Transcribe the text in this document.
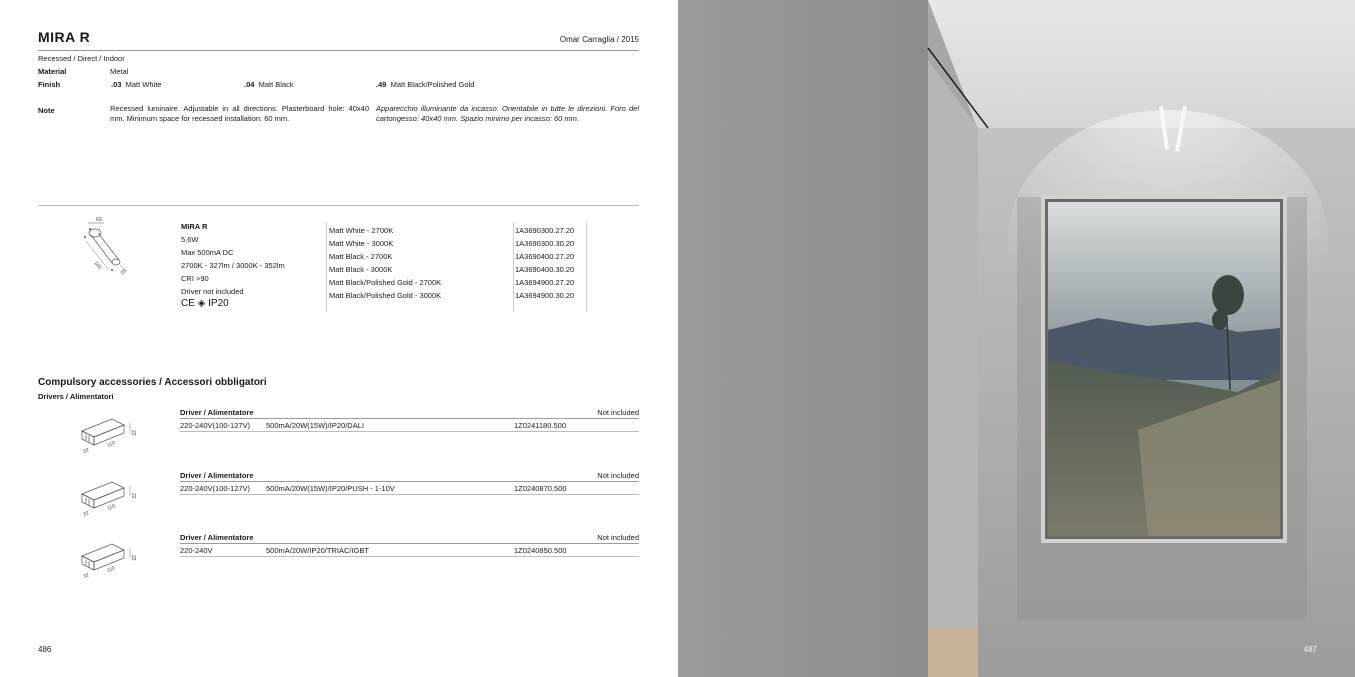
MIRA R	Omar Carraglia / 2015
Recessed / Direct / Indoor
Material	Metal
Finish	.03 Matt White	.04 Matt Black	.49 Matt Black/Polished Gold
Note	Recessed luminaire. Adjustable in all directions. Plasterboard hole: 40x40 mm. Minimum space for recessed installation: 60 mm.
Apparecchio illuminante da incasso. Orientabile in tutte le direzioni. Foro del cartongesso: 40x40 mm. Spazio minimo per incasso: 60 mm.
63
165
20
MIRA R
5,6W
Max 500mA DC
2700K - 327lm / 3000K - 352lm
CRI >90
Driver not included
CE ◈ IP20
Matt White - 2700K	1A3690300.27.20
Matt White - 3000K	1A3690300.30.20
Matt Black - 2700K	1A3690400.27.20
Matt Black - 3000K	1A3690400.30.20
Matt Black/Polished Gold - 2700K	1A3694900.27.20
Matt Black/Polished Gold - 3000K	1A3694900.30.20
Compulsory accessories / Accessori obbligatori
Drivers / Alimentatori
22
110
32
Driver / Alimentatore	Not included
220-240V(100-127V) 500mA/20W(15W)/IP20/DALI	1Z0241180.500
22
110
32
Driver / Alimentatore	Not included
220-240V(100-127V) 500mA/20W(15W)/IP20/PUSH - 1-10V	1Z0240870.500
22
110
32
Driver / Alimentatore	Not included
220-240V	500mA/20W/IP20/TRIAC/IGBT	1Z0240850.500
486	487
